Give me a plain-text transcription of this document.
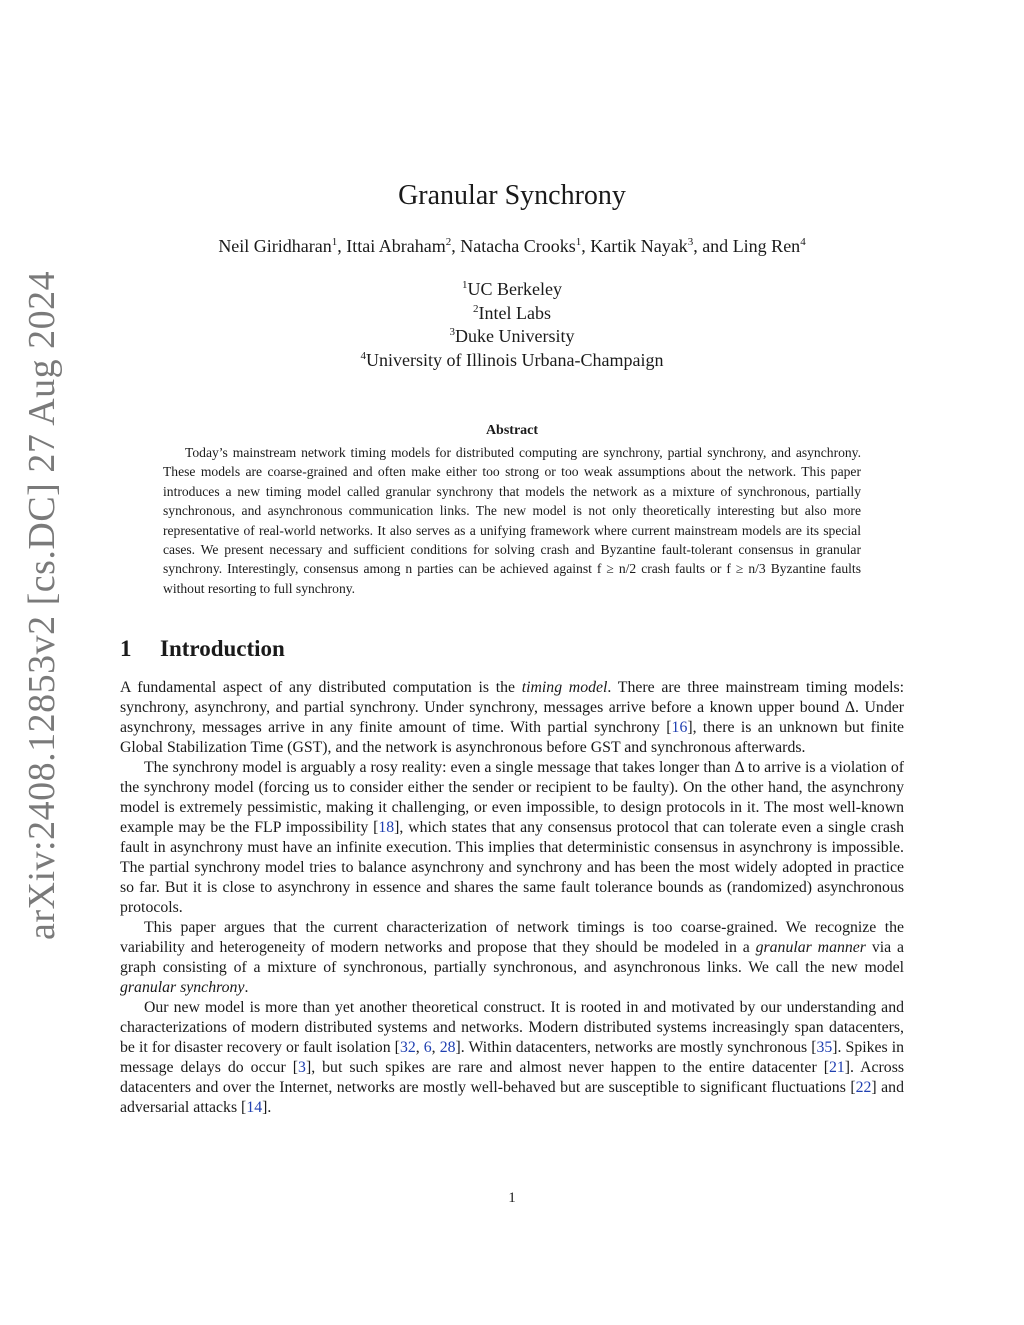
arXiv:2408.12853v2 [cs.DC] 27 Aug 2024
Granular Synchrony
Neil Giridharan$^1$, Ittai Abraham$^2$, Natacha Crooks$^1$, Kartik Nayak$^3$, and Ling Ren$^4$
$^1$UC Berkeley
$^2$Intel Labs
$^3$Duke University
$^4$University of Illinois Urbana-Champaign
Abstract

Today’s mainstream network timing models for distributed computing are synchrony, partial synchrony, and asynchrony. These models are coarse-grained and often make either too strong or too weak assumptions about the network. This paper introduces a new timing model called granular synchrony that models the network as a mixture of synchronous, partially synchronous, and asynchronous communication links. The new model is not only theoretically interesting but also more representative of real-world networks. It also serves as a unifying framework where current mainstream models are its special cases. We present necessary and sufficient conditions for solving crash and Byzantine fault-tolerant consensus in granular synchrony. Interestingly, consensus among n parties can be achieved against f ≥ n/2 crash faults or f ≥ n/3 Byzantine faults without resorting to full synchrony.

1 Introduction

A fundamental aspect of any distributed computation is the timing model. There are three mainstream timing models: synchrony, asynchrony, and partial synchrony. Under synchrony, messages arrive before a known upper bound Δ. Under asynchrony, messages arrive in any finite amount of time. With partial synchrony [16], there is an unknown but finite Global Stabilization Time (GST), and the network is asynchronous before GST and synchronous afterwards.

The synchrony model is arguably a rosy reality: even a single message that takes longer than Δ to arrive is a violation of the synchrony model (forcing us to consider either the sender or recipient to be faulty). On the other hand, the asynchrony model is extremely pessimistic, making it challenging, or even impossible, to design protocols in it. The most well-known example may be the FLP impossibility [18], which states that any consensus protocol that can tolerate even a single crash fault in asynchrony must have an infinite execution. This implies that deterministic consensus in asynchrony is impossible. The partial synchrony model tries to balance asynchrony and synchrony and has been the most widely adopted in practice so far. But it is close to asynchrony in essence and shares the same fault tolerance bounds as (randomized) asynchronous protocols.

This paper argues that the current characterization of network timings is too coarse-grained. We recognize the variability and heterogeneity of modern networks and propose that they should be modeled in a granular manner via a graph consisting of a mixture of synchronous, partially synchronous, and asynchronous links. We call the new model granular synchrony.

Our new model is more than yet another theoretical construct. It is rooted in and motivated by our understanding and characterizations of modern distributed systems and networks. Modern distributed systems increasingly span datacenters, be it for disaster recovery or fault isolation [32, 6, 28]. Within datacenters, networks are mostly synchronous [35]. Spikes in message delays do occur [3], but such spikes are rare and almost never happen to the entire datacenter [21]. Across datacenters and over the Internet, networks are mostly well-behaved but are susceptible to significant fluctuations [22] and adversarial attacks [14].

1
